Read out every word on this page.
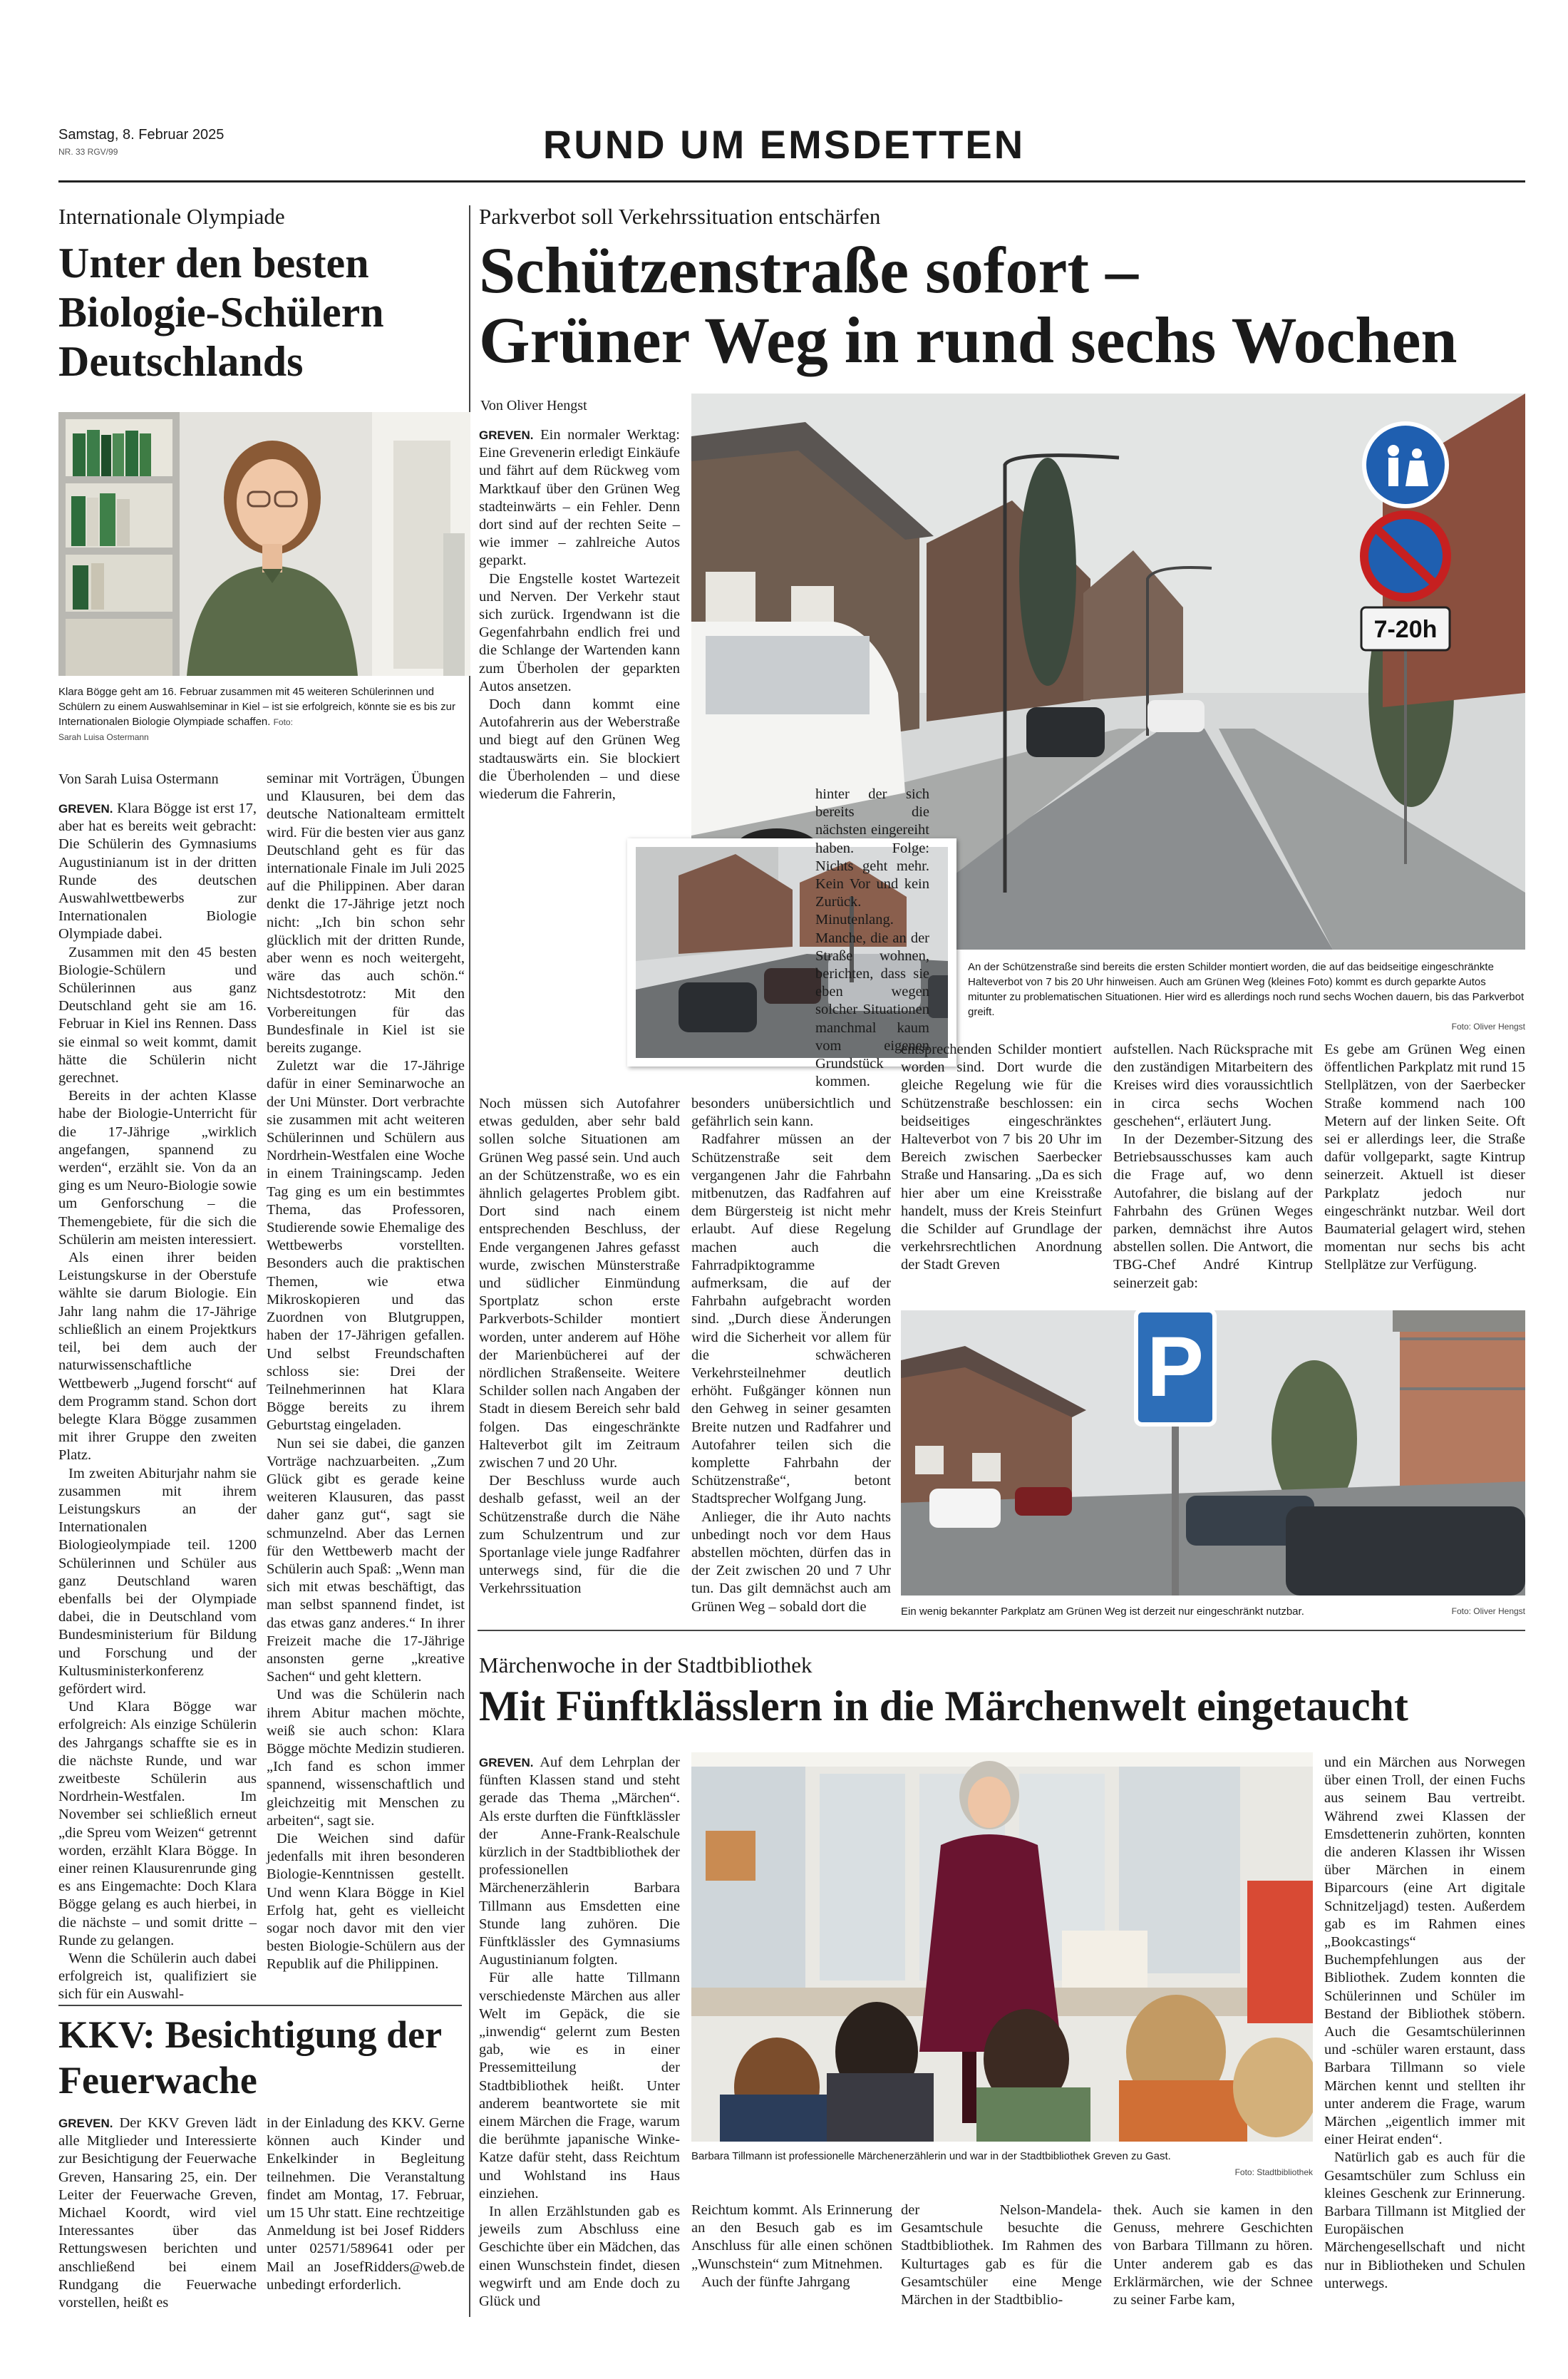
Samstag, 8. Februar 2025
NR. 33 RGV/99	RUND UM EMSDETTEN
Internationale Olympiade
Unter den besten
Biologie-Schülern
Deutschlands
Klara Bögge geht am 16. Februar zusammen mit 45 weiteren Schülerinnen und Schülern zu einem Auswahlseminar in Kiel – ist sie erfolgreich, könnte sie es bis zur Internationalen Biologie Olympiade schaffen. Foto:
Sarah Luisa Ostermann
Von Sarah Luisa Ostermann

GREVEN. Klara Bögge ist erst 17, aber hat es bereits weit gebracht: Die Schülerin des Gymnasiums Augustinianum ist in der dritten Runde des deutschen Auswahlwettbewerbs zur Internationalen Biologie Olympiade dabei.

Zusammen mit den 45 besten Biologie-Schülern und Schülerinnen aus ganz Deutschland geht sie am 16. Februar in Kiel ins Rennen. Dass sie einmal so weit kommt, damit hätte die Schülerin nicht gerechnet.

Bereits in der achten Klasse habe der Biologie-Unterricht für die 17-Jährige „wirklich angefangen, spannend zu werden“, erzählt sie. Von da an ging es um Neuro-Biologie sowie um Genforschung – die Themengebiete, für die sich die Schülerin am meisten interessiert.

Als einen ihrer beiden Leistungskurse in der Oberstufe wählte sie darum Biologie. Ein Jahr lang nahm die 17-Jährige schließlich an einem Projektkurs teil, bei dem auch der naturwissenschaftliche Wettbewerb „Jugend forscht“ auf dem Programm stand. Schon dort belegte Klara Bögge zusammen mit ihrer Gruppe den zweiten Platz.

Im zweiten Abiturjahr nahm sie zusammen mit ihrem Leistungskurs an der Internationalen Biologieolympiade teil. 1200 Schülerinnen und Schüler aus ganz Deutschland waren ebenfalls bei der Olympiade dabei, die in Deutschland vom Bundesministerium für Bildung und Forschung und der Kultusministerkonferenz gefördert wird.

Und Klara Bögge war erfolgreich: Als einzige Schülerin des Jahrgangs schaffte sie es in die nächste Runde, und war zweitbeste Schülerin aus Nordrhein-Westfalen. Im November sei schließlich erneut „die Spreu vom Weizen“ getrennt worden, erzählt Klara Bögge. In einer reinen Klausurenrunde ging es ans Eingemachte: Doch Klara Bögge gelang es auch hierbei, in die nächste – und somit dritte – Runde zu gelangen.

Wenn die Schülerin auch dabei erfolgreich ist, qualifiziert sie sich für ein Auswahl-

seminar mit Vorträgen, Übungen und Klausuren, bei dem das deutsche Nationalteam ermittelt wird. Für die besten vier aus ganz Deutschland geht es für das internationale Finale im Juli 2025 auf die Philippinen. Aber daran denkt die 17-Jährige jetzt noch nicht: „Ich bin schon sehr glücklich mit der dritten Runde, aber wenn es noch weitergeht, wäre das auch schön.“ Nichtsdestotrotz: Mit den Vorbereitungen für das Bundesfinale in Kiel ist sie bereits zugange.

Zuletzt war die 17-Jährige dafür in einer Seminarwoche an der Uni Münster. Dort verbrachte sie zusammen mit acht weiteren Schülerinnen und Schülern aus Nordrhein-Westfalen eine Woche in einem Trainingscamp. Jeden Tag ging es um ein bestimmtes Thema, das Professoren, Studierende sowie Ehemalige des Wettbewerbs vorstellten. Besonders auch die praktischen Themen, wie etwa Mikroskopieren und das Zuordnen von Blutgruppen, haben der 17-Jährigen gefallen. Und selbst Freundschaften schloss sie: Drei der Teilnehmerinnen hat Klara Bögge bereits zu ihrem Geburtstag eingeladen.

Nun sei sie dabei, die ganzen Vorträge nachzuarbeiten. „Zum Glück gibt es gerade keine weiteren Klausuren, das passt daher ganz gut“, sagt sie schmunzelnd. Aber das Lernen für den Wettbewerb macht der Schülerin auch Spaß: „Wenn man sich mit etwas beschäftigt, das man selbst spannend findet, ist das etwas ganz anderes.“ In ihrer Freizeit mache die 17-Jährige ansonsten gerne „kreative Sachen“ und geht klettern.

Und was die Schülerin nach ihrem Abitur machen möchte, weiß sie auch schon: Klara Bögge möchte Medizin studieren. „Ich fand es schon immer spannend, wissenschaftlich und gleichzeitig mit Menschen zu arbeiten“, sagt sie.

Die Weichen sind dafür jedenfalls mit ihren besonderen Biologie-Kenntnissen gestellt. Und wenn Klara Bögge in Kiel Erfolg hat, geht es vielleicht sogar noch davor mit den vier besten Biologie-Schülern aus der Republik auf die Philippinen.

KKV: Besichtigung der
Feuerwache

GREVEN. Der KKV Greven lädt alle Mitglieder und Interessierte zur Besichtigung der Feuerwache Greven, Hansaring 25, ein. Der Leiter der Feuerwache Greven, Michael Koordt, wird viel Interessantes über das Rettungswesen berichten und anschließend bei einem Rundgang die Feuerwache vorstellen, heißt es

in der Einladung des KKV. Gerne können auch Kinder und Enkelkinder in Begleitung teilnehmen. Die Veranstaltung findet am Montag, 17. Februar, um 15 Uhr statt. Eine rechtzeitige Anmeldung ist bei Josef Ridders unter 02571/589641 oder per Mail an JosefRidders@web.de unbedingt erforderlich.

Parkverbot soll Verkehrssituation entschärfen
Schützenstraße sofort –
Grüner Weg in rund sechs Wochen
Von Oliver Hengst

GREVEN. Ein normaler Werktag: Eine Grevenerin erledigt Einkäufe und fährt auf dem Rückweg vom Marktkauf über den Grünen Weg stadteinwärts – ein Fehler. Denn dort sind auf der rechten Seite – wie immer – zahlreiche Autos geparkt.

Die Engstelle kostet Wartezeit und Nerven. Der Verkehr staut sich zurück. Irgendwann ist die Gegenfahrbahn endlich frei und die Schlange der Wartenden kann zum Überholen der geparkten Autos ansetzen.

Doch dann kommt eine Autofahrerin aus der Weberstraße und biegt auf den Grünen Weg stadtauswärts ein. Sie blockiert die Überholenden – und diese wiederum die Fahrerin,

7-20h

hinter der sich bereits die nächsten eingereiht haben. Folge: Nichts geht mehr. Kein Vor und kein Zurück. Minutenlang. Manche, die an der Straße wohnen, berichten, dass sie eben wegen solcher Situationen manchmal kaum vom eigenen Grundstück kommen.

An der Schützenstraße sind bereits die ersten Schilder montiert worden, die auf das beidseitige eingeschränkte Halteverbot von 7 bis 20 Uhr hinweisen. Auch am Grünen Weg (kleines Foto) kommt es durch geparkte Autos mitunter zu problematischen Situationen. Hier wird es allerdings noch rund sechs Wochen dauern, bis das Parkverbot greift.
Foto: Oliver Hengst

Noch müssen sich Autofahrer etwas gedulden, aber sehr bald sollen solche Situationen am Grünen Weg passé sein. Und auch an der Schützenstraße, wo es ein ähnlich gelagertes Problem gibt. Dort sind nach einem entsprechenden Beschluss, der Ende vergangenen Jahres gefasst wurde, zwischen Münsterstraße und südlicher Einmündung Sportplatz schon erste Parkverbots-Schilder montiert worden, unter anderem auf Höhe der Marienbücherei auf der nördlichen Straßenseite. Weitere Schilder sollen nach Angaben der Stadt in diesem Bereich sehr bald folgen. Das eingeschränkte Halteverbot gilt im Zeitraum zwischen 7 und 20 Uhr.

Der Beschluss wurde auch deshalb gefasst, weil an der Schützenstraße durch die Nähe zum Schulzentrum und zur Sportanlage viele junge Radfahrer unterwegs sind, für die die Verkehrssituation

besonders unübersichtlich und gefährlich sein kann.

Radfahrer müssen an der Schützenstraße seit dem vergangenen Jahr die Fahrbahn mitbenutzen, das Radfahren auf dem Bürgersteig ist nicht mehr erlaubt. Auf diese Regelung machen auch die Fahrradpiktogramme aufmerksam, die auf der Fahrbahn aufgebracht worden sind. „Durch diese Änderungen wird die Sicherheit vor allem für die schwächeren Verkehrsteilnehmer deutlich erhöht. Fußgänger können nun den Gehweg in seiner gesamten Breite nutzen und Radfahrer und Autofahrer teilen sich die komplette Fahrbahn der Schützenstraße“, betont Stadtsprecher Wolfgang Jung.

Anlieger, die ihr Auto nachts unbedingt noch vor dem Haus abstellen möchten, dürfen das in der Zeit zwischen 20 und 7 Uhr tun. Das gilt demnächst auch am Grünen Weg – sobald dort die

entsprechenden Schilder montiert worden sind. Dort wurde die gleiche Regelung wie für die Schützenstraße beschlossen: ein beidseitiges eingeschränktes Halteverbot von 7 bis 20 Uhr im Bereich zwischen Saerbecker Straße und Hansaring. „Da es sich hier aber um eine Kreisstraße handelt, muss der Kreis Steinfurt die Schilder auf Grundlage der verkehrsrechtlichen Anordnung der Stadt Greven

aufstellen. Nach Rücksprache mit den zuständigen Mitarbeitern des Kreises wird dies voraussichtlich in circa sechs Wochen geschehen“, erläutert Jung.

In der Dezember-Sitzung des Betriebsausschusses kam auch die Frage auf, wo denn Autofahrer, die bislang auf der Fahrbahn des Grünen Weges parken, demnächst ihre Autos abstellen sollen. Die Antwort, die TBG-Chef André Kintrup seinerzeit gab:

Es gebe am Grünen Weg einen öffentlichen Parkplatz mit rund 15 Stellplätzen, von der Saerbecker Straße kommend nach 100 Metern auf der linken Seite. Oft sei er allerdings leer, die Straße dafür vollgeparkt, sagte Kintrup seinerzeit. Aktuell ist dieser Parkplatz jedoch nur eingeschränkt nutzbar. Weil dort Baumaterial gelagert wird, stehen momentan nur sechs bis acht Stellplätze zur Verfügung.

P
Ein wenig bekannter Parkplatz am Grünen Weg ist derzeit nur eingeschränkt nutzbar.	Foto: Oliver Hengst
Märchenwoche in der Stadtbibliothek
Mit Fünftklässlern in die Märchenwelt eingetaucht

GREVEN. Auf dem Lehrplan der fünften Klassen stand und steht gerade das Thema „Märchen“. Als erste durften die Fünftklässler der Anne-Frank-Realschule kürzlich in der Stadtbibliothek der professionellen Märchenerzählerin Barbara Tillmann aus Emsdetten eine Stunde lang zuhören. Die Fünftklässler des Gymnasiums Augustinianum folgten.

Für alle hatte Tillmann verschiedenste Märchen aus aller Welt im Gepäck, die sie „inwendig“ gelernt zum Besten gab, wie es in einer Pressemitteilung der Stadtbibliothek heißt. Unter anderem beantwortete sie mit einem Märchen die Frage, warum die berühmte japanische Winke-Katze dafür steht, dass Reichtum und Wohlstand ins Haus einziehen.

In allen Erzählstunden gab es jeweils zum Abschluss eine Geschichte über ein Mädchen, das einen Wunschstein findet, diesen wegwirft und am Ende doch zu Glück und

Barbara Tillmann ist professionelle Märchenerzählerin und war in der Stadtbibliothek Greven zu Gast.
Foto: Stadtbibliothek

Reichtum kommt. Als Erinnerung an den Besuch gab es im Anschluss für alle einen schönen „Wunschstein“ zum Mitnehmen.

Auch der fünfte Jahrgang

der Nelson-Mandela-Gesamtschule besuchte die Stadtbibliothek. Im Rahmen des Kulturtages gab es für die Gesamtschüler eine Menge Märchen in der Stadtbiblio-

thek. Auch sie kamen in den Genuss, mehrere Geschichten von Barbara Tillmann zu hören. Unter anderem gab es das Erklärmärchen, wie der Schnee zu seiner Farbe kam,

und ein Märchen aus Norwegen über einen Troll, der einen Fuchs aus seinem Bau vertreibt. Während zwei Klassen der Emsdettenerin zuhörten, konnten die anderen Klassen ihr Wissen über Märchen in einem Biparcours (eine Art digitale Schnitzeljagd) testen. Außerdem gab es im Rahmen eines „Bookcastings“ Buchempfehlungen aus der Bibliothek. Zudem konnten die Schülerinnen und Schüler im Bestand der Bibliothek stöbern. Auch die Gesamtschülerinnen und -schüler waren erstaunt, dass Barbara Tillmann so viele Märchen kennt und stellten ihr unter anderem die Frage, warum Märchen „eigentlich immer mit einer Heirat enden“.

Natürlich gab es auch für die Gesamtschüler zum Schluss ein kleines Geschenk zur Erinnerung. Barbara Tillmann ist Mitglied der Europäischen Märchengesellschaft und nicht nur in Bibliotheken und Schulen unterwegs.
